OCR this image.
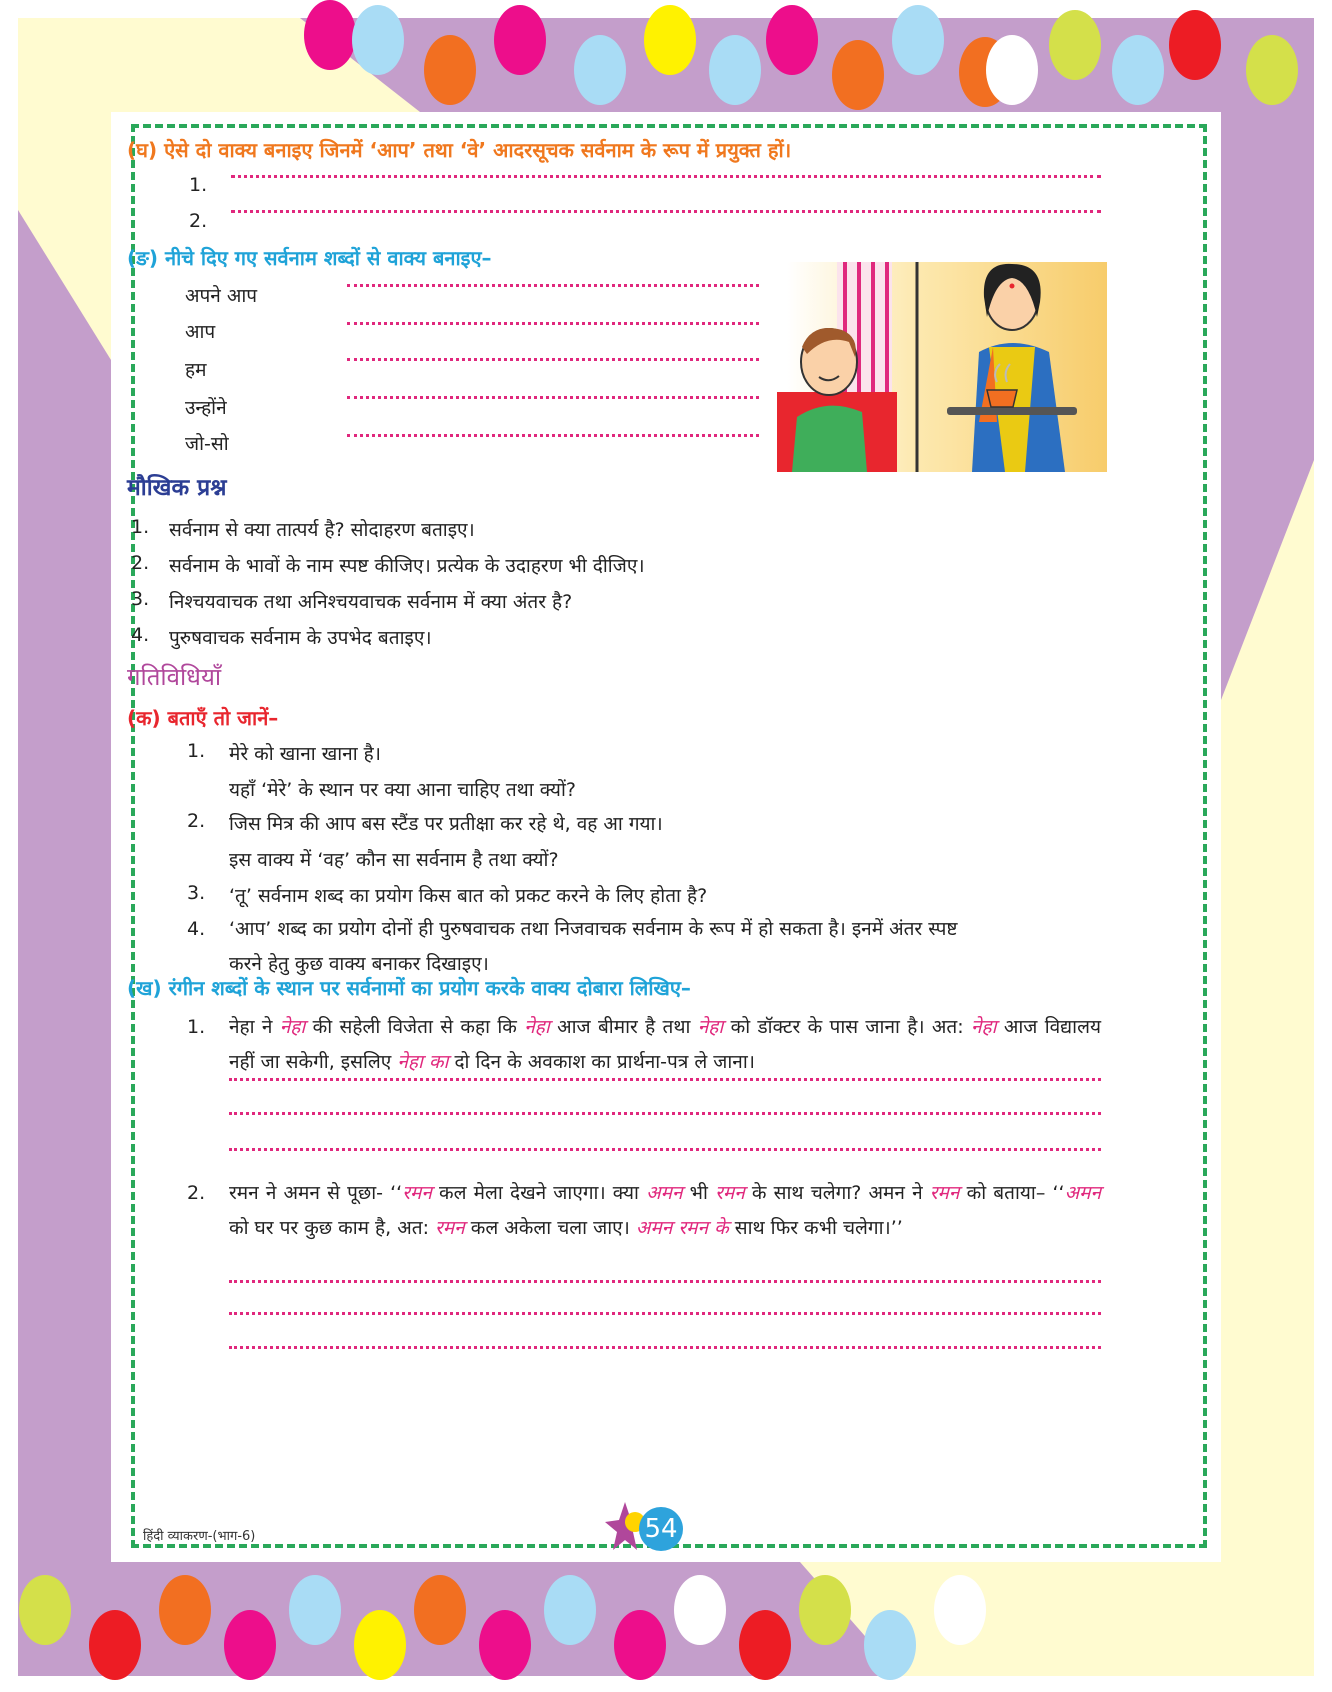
(घ) ऐसे दो वाक्य बनाइए जिनमें ‘आप’ तथा ‘वे’ आदरसूचक सर्वनाम के रूप में प्रयुक्त हों।
1.
2.
(ङ) नीचे दिए गए सर्वनाम शब्दों से वाक्य बनाइए–
अपने आप
आप
हम
उन्होंने
जो-सो
मौखिक प्रश्न
1. सर्वनाम से क्या तात्पर्य है? सोदाहरण बताइए।
2. सर्वनाम के भावों के नाम स्पष्ट कीजिए। प्रत्येक के उदाहरण भी दीजिए।
3. निश्चयवाचक तथा अनिश्चयवाचक सर्वनाम में क्या अंतर है?
4. पुरुषवाचक सर्वनाम के उपभेद बताइए।
गतिविधियाँ
(क) बताएँ तो जानें–
1. मेरे को खाना खाना है।
यहाँ ‘मेरे’ के स्थान पर क्या आना चाहिए तथा क्यों?
2. जिस मित्र की आप बस स्टैंड पर प्रतीक्षा कर रहे थे, वह आ गया।
इस वाक्य में ‘वह’ कौन सा सर्वनाम है तथा क्यों?
3. ‘तू’ सर्वनाम शब्द का प्रयोग किस बात को प्रकट करने के लिए होता है?
4. ‘आप’ शब्द का प्रयोग दोनों ही पुरुषवाचक तथा निजवाचक सर्वनाम के रूप में हो सकता है। इनमें अंतर स्पष्ट
करने हेतु कुछ वाक्य बनाकर दिखाइए।
(ख) रंगीन शब्दों के स्थान पर सर्वनामों का प्रयोग करके वाक्य दोबारा लिखिए–
1. नेहा ने नेहा की सहेली विजेता से कहा कि नेहा आज बीमार है तथा नेहा को डॉक्टर के पास जाना है। अत: नेहा आज विद्यालय नहीं जा सकेगी, इसलिए नेहा का दो दिन के अवकाश का प्रार्थना-पत्र ले जाना।
2. रमन ने अमन से पूछा- ‘‘रमन कल मेला देखने जाएगा। क्या अमन भी रमन के साथ चलेगा? अमन ने रमन को बताया– ‘‘अमन को घर पर कुछ काम है, अत: रमन कल अकेला चला जाए। अमन रमन के साथ फिर कभी चलेगा।’’
हिंदी व्याकरण-(भाग-6)	54
